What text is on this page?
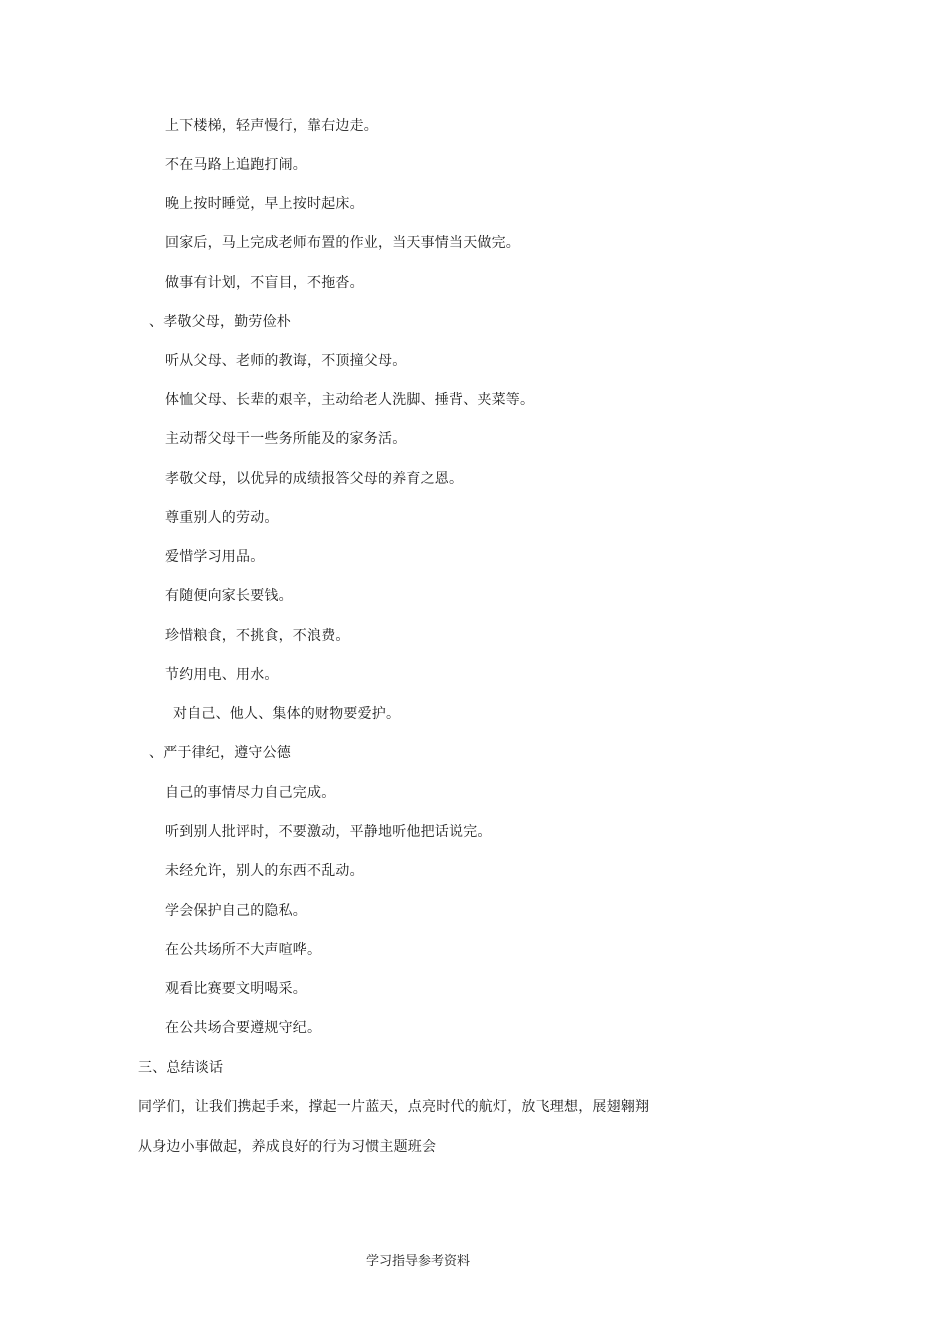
上下楼梯，轻声慢行，靠右边走。
不在马路上追跑打闹。
晚上按时睡觉，早上按时起床。
回家后，马上完成老师布置的作业，当天事情当天做完。
做事有计划，不盲目，不拖沓。
、孝敬父母，勤劳俭朴
听从父母、老师的教诲，不顶撞父母。
体恤父母、长辈的艰辛，主动给老人洗脚、捶背、夹菜等。
主动帮父母干一些务所能及的家务活。
孝敬父母，以优异的成绩报答父母的养育之恩。
尊重别人的劳动。
爱惜学习用品。
有随便向家长要钱。
珍惜粮食，不挑食，不浪费。
节约用电、用水。
对自己、他人、集体的财物要爱护。
、严于律纪，遵守公德
自己的事情尽力自己完成。
听到别人批评时，不要激动，平静地听他把话说完。
未经允许，别人的东西不乱动。
学会保护自己的隐私。
在公共场所不大声喧哗。
观看比赛要文明喝采。
在公共场合要遵规守纪。
三、总结谈话
同学们，让我们携起手来，撑起一片蓝天，点亮时代的航灯，放飞理想，展翅翱翔
从身边小事做起，养成良好的行为习惯主题班会
学习指导参考资料
